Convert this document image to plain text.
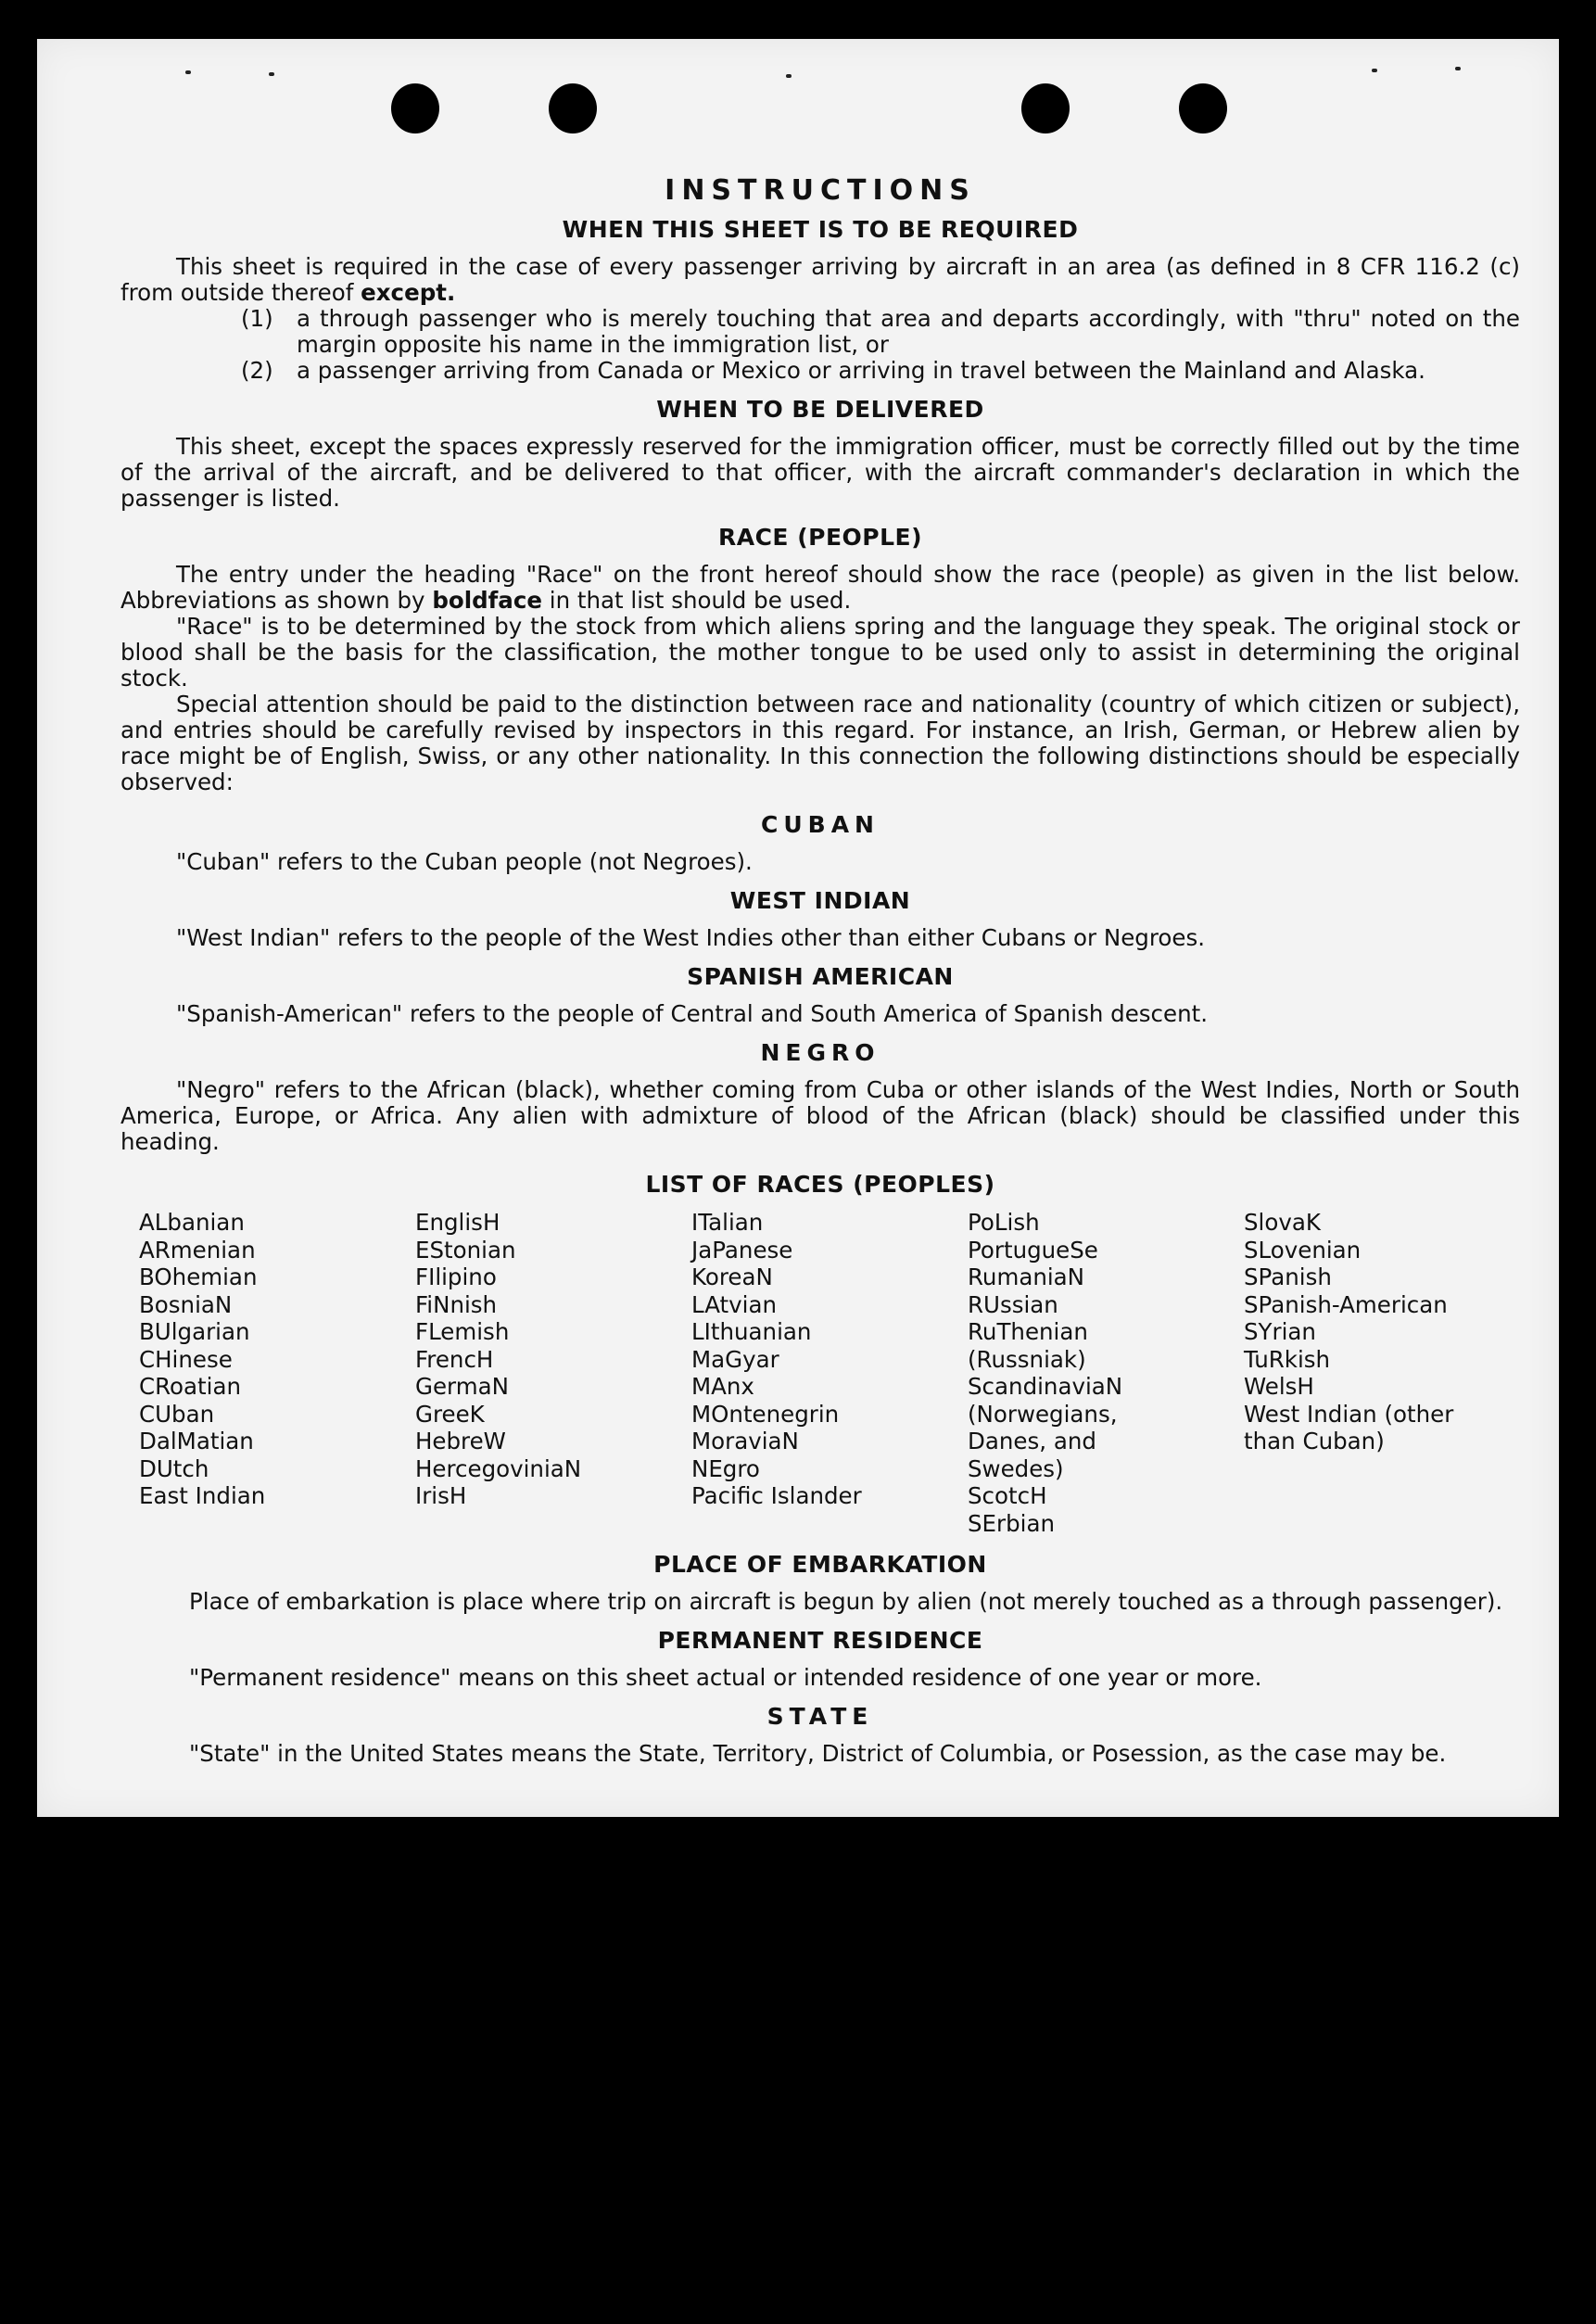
INSTRUCTIONS
WHEN THIS SHEET IS TO BE REQUIRED

This sheet is required in the case of every passenger arriving by aircraft in an area (as defined in 8 CFR 116.2 (c) from outside thereof except.

(1)	a through passenger who is merely touching that area and departs accordingly, with "thru" noted on the margin opposite his name in the immigration list, or
(2)	a passenger arriving from Canada or Mexico or arriving in travel between the Mainland and Alaska.
WHEN TO BE DELIVERED

This sheet, except the spaces expressly reserved for the immigration officer, must be correctly filled out by the time of the arrival of the aircraft, and be delivered to that officer, with the aircraft commander's declaration in which the passenger is listed.

RACE (PEOPLE)

The entry under the heading "Race" on the front hereof should show the race (people) as given in the list below. Abbreviations as shown by boldface in that list should be used.

"Race" is to be determined by the stock from which aliens spring and the language they speak. The original stock or blood shall be the basis for the classification, the mother tongue to be used only to assist in determining the original stock.

Special attention should be paid to the distinction between race and nationality (country of which citizen or subject), and entries should be carefully revised by inspectors in this regard. For instance, an Irish, German, or Hebrew alien by race might be of English, Swiss, or any other nationality. In this connection the following distinctions should be especially observed:

CUBAN

"Cuban" refers to the Cuban people (not Negroes).

WEST INDIAN

"West Indian" refers to the people of the West Indies other than either Cubans or Negroes.

SPANISH AMERICAN

"Spanish-American" refers to the people of Central and South America of Spanish descent.

NEGRO

"Negro" refers to the African (black), whether coming from Cuba or other islands of the West Indies, North or South America, Europe, or Africa. Any alien with admixture of blood of the African (black) should be classified under this heading.

LIST OF RACES (PEOPLES)
ALbanian
ARmenian
BOhemian
BosniaN
BUlgarian
CHinese
CRoatian
CUban
DalMatian
DUtch
East Indian
EnglisH
EStonian
FIlipino
FiNnish
FLemish
FrencH
GermaN
GreeK
HebreW
HercegoviniaN
IrisH
ITalian
JaPanese
KoreaN
LAtvian
LIthuanian
MaGyar
MAnx
MOntenegrin
MoraviaN
NEgro
Pacific Islander
PoLish
PortugueSe
RumaniaN
RUssian
RuThenian (Russniak)
ScandinaviaN (Norwegians, Danes, and Swedes)
ScotcH
SErbian
SlovaK
SLovenian
SPanish
SPanish-American
SYrian
TuRkish
WelsH
West Indian (other than Cuban)
PLACE OF EMBARKATION

Place of embarkation is place where trip on aircraft is begun by alien (not merely touched as a through passenger).

PERMANENT RESIDENCE

"Permanent residence" means on this sheet actual or intended residence of one year or more.

STATE

"State" in the United States means the State, Territory, District of Columbia, or Posession, as the case may be.
